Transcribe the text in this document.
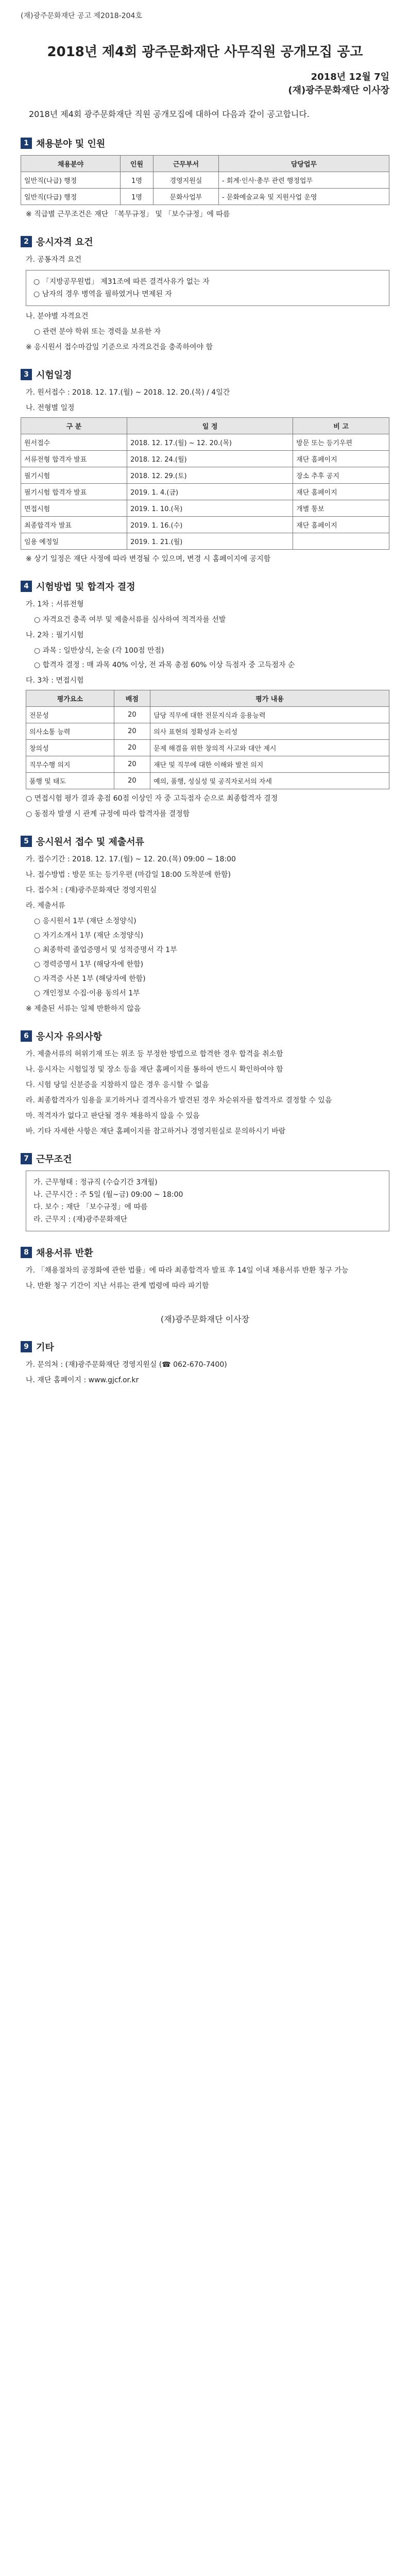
(재)광주문화재단 공고 제2018-204호
2018년 제4회 광주문화재단 사무직원 공개모집 공고
2018년 12월 7일
(재)광주문화재단 이사장
2018년 제4회 광주문화재단 직원 공개모집에 대하여 다음과 같이 공고합니다.
1 채용분야 및 인원
채용분야	인원	근무부서	담당업무
일반직(나급) 행정	1명	경영지원실	- 회계·인사·총무 관련 행정업무
일반직(다급) 행정	1명	문화사업부	- 문화예술교육 및 지원사업 운영
※ 직급별 근무조건은 재단 「복무규정」 및 「보수규정」에 따름
2 응시자격 요건
가. 공통자격 요건
○ 「지방공무원법」 제31조에 따른 결격사유가 없는 자
○ 남자의 경우 병역을 필하였거나 면제된 자
나. 분야별 자격요건
○ 관련 분야 학위 또는 경력을 보유한 자
※ 응시원서 접수마감일 기준으로 자격요건을 충족하여야 함
3 시험일정
가. 원서접수 : 2018. 12. 17.(월) ~ 2018. 12. 20.(목) / 4일간
나. 전형별 일정
구 분	일 정	비 고
원서접수	2018. 12. 17.(월) ~ 12. 20.(목)	방문 또는 등기우편
서류전형 합격자 발표	2018. 12. 24.(월)	재단 홈페이지
필기시험	2018. 12. 29.(토)	장소 추후 공지
필기시험 합격자 발표	2019. 1. 4.(금)	재단 홈페이지
면접시험	2019. 1. 10.(목)	개별 통보
최종합격자 발표	2019. 1. 16.(수)	재단 홈페이지
임용 예정일	2019. 1. 21.(월)	
※ 상기 일정은 재단 사정에 따라 변경될 수 있으며, 변경 시 홈페이지에 공지함
4 시험방법 및 합격자 결정
가. 1차 : 서류전형
○ 자격요건 충족 여부 및 제출서류를 심사하여 적격자를 선발
나. 2차 : 필기시험
○ 과목 : 일반상식, 논술 (각 100점 만점)
○ 합격자 결정 : 매 과목 40% 이상, 전 과목 총점 60% 이상 득점자 중 고득점자 순
다. 3차 : 면접시험
평가요소	배점	평가 내용
전문성	20	담당 직무에 대한 전문지식과 응용능력
의사소통 능력	20	의사 표현의 정확성과 논리성
창의성	20	문제 해결을 위한 창의적 사고와 대안 제시
직무수행 의지	20	재단 및 직무에 대한 이해와 발전 의지
품행 및 태도	20	예의, 품행, 성실성 및 공직자로서의 자세
○ 면접시험 평가 결과 총점 60점 이상인 자 중 고득점자 순으로 최종합격자 결정
○ 동점자 발생 시 관계 규정에 따라 합격자를 결정함
5 응시원서 접수 및 제출서류
가. 접수기간 : 2018. 12. 17.(월) ~ 12. 20.(목) 09:00 ~ 18:00
나. 접수방법 : 방문 또는 등기우편 (마감일 18:00 도착분에 한함)
다. 접수처 : (재)광주문화재단 경영지원실
라. 제출서류
○ 응시원서 1부 (재단 소정양식)
○ 자기소개서 1부 (재단 소정양식)
○ 최종학력 졸업증명서 및 성적증명서 각 1부
○ 경력증명서 1부 (해당자에 한함)
○ 자격증 사본 1부 (해당자에 한함)
○ 개인정보 수집·이용 동의서 1부
※ 제출된 서류는 일체 반환하지 않음
6 응시자 유의사항
가. 제출서류의 허위기재 또는 위조 등 부정한 방법으로 합격한 경우 합격을 취소함
나. 응시자는 시험일정 및 장소 등을 재단 홈페이지를 통하여 반드시 확인하여야 함
다. 시험 당일 신분증을 지참하지 않은 경우 응시할 수 없음
라. 최종합격자가 임용을 포기하거나 결격사유가 발견된 경우 차순위자를 합격자로 결정할 수 있음
마. 적격자가 없다고 판단될 경우 채용하지 않을 수 있음
바. 기타 자세한 사항은 재단 홈페이지를 참고하거나 경영지원실로 문의하시기 바람
7 근무조건
가. 근무형태 : 정규직 (수습기간 3개월)
나. 근무시간 : 주 5일 (월~금) 09:00 ~ 18:00
다. 보수 : 재단 「보수규정」에 따름
라. 근무지 : (재)광주문화재단
8 채용서류 반환
가. 「채용절차의 공정화에 관한 법률」에 따라 최종합격자 발표 후 14일 이내 채용서류 반환 청구 가능
나. 반환 청구 기간이 지난 서류는 관계 법령에 따라 파기함
(재)광주문화재단 이사장
9 기타
가. 문의처 : (재)광주문화재단 경영지원실 (☎ 062-670-7400)
나. 재단 홈페이지 : www.gjcf.or.kr
